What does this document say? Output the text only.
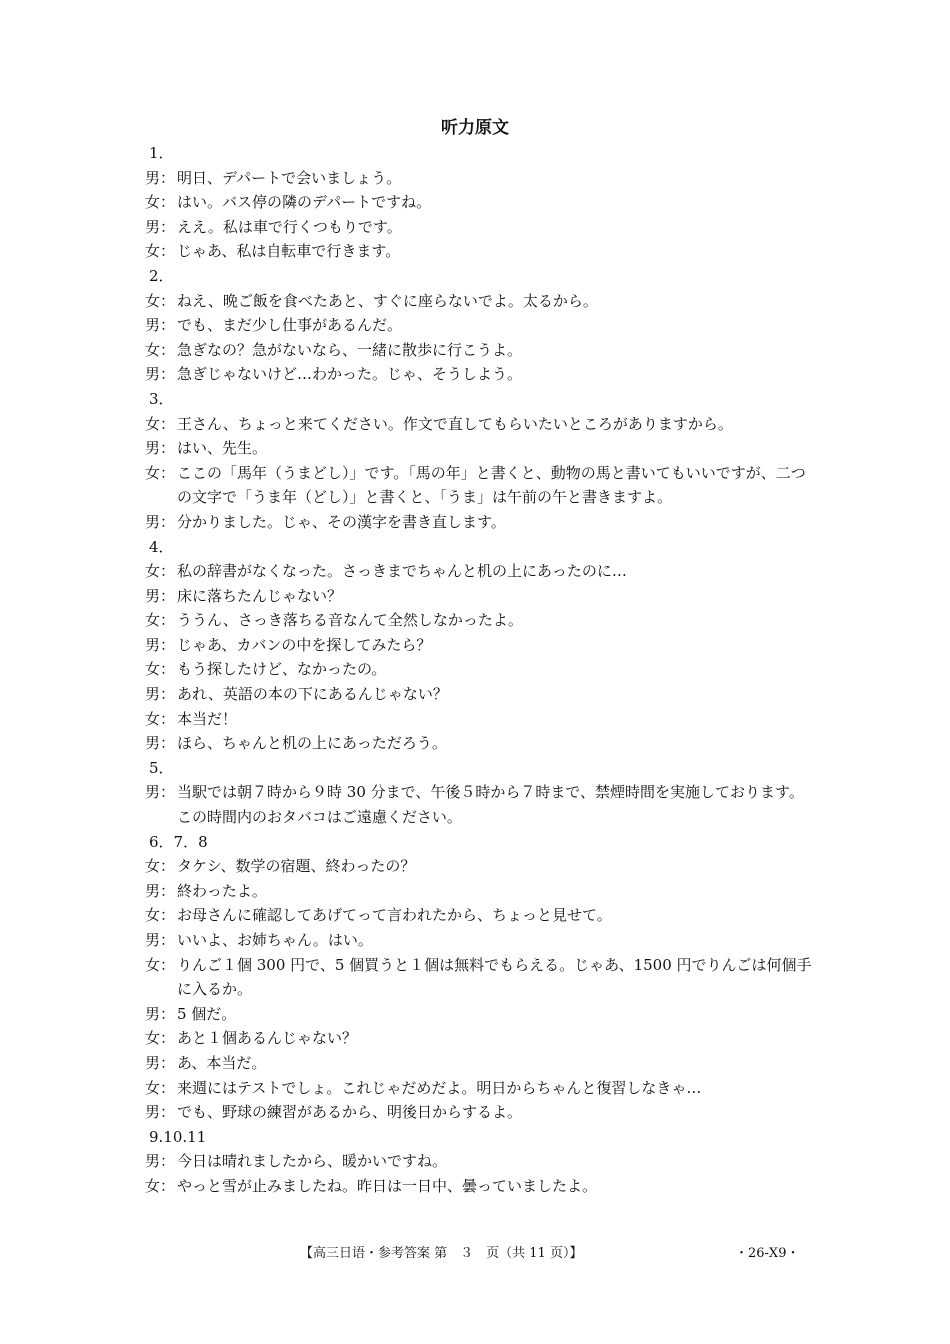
听力原文
1．
男： 明日、デパートで会いましょう。
女： はい。バス停の隣のデパートですね。
男： ええ。私は車で行くつもりです。
女： じゃあ、私は自転車で行きます。
2．
女： ねえ、晩ご飯を食べたあと、すぐに座らないでよ。太るから。
男： でも、まだ少し仕事があるんだ。
女： 急ぎなの？急がないなら、一緒に散歩に行こうよ。
男： 急ぎじゃないけど…わかった。じゃ、そうしよう。
3．
女： 王さん、ちょっと来てください。作文で直してもらいたいところがありますから。
男： はい、先生。
女： ここの「馬年（うまどし）」です。「馬の年」と書くと、動物の馬と書いてもいいですが、二つの文字で「うま年（どし）」と書くと、「うま」は午前の午と書きますよ。
男： 分かりました。じゃ、その漢字を書き直します。
4．
女： 私の辞書がなくなった。さっきまでちゃんと机の上にあったのに…
男： 床に落ちたんじゃない？
女： ううん、さっき落ちる音なんて全然しなかったよ。
男： じゃあ、カバンの中を探してみたら？
女： もう探したけど、なかったの。
男： あれ、英語の本の下にあるんじゃない？
女： 本当だ！
男： ほら、ちゃんと机の上にあっただろう。
5．
男： 当駅では朝７時から９時 30 分まで、午後５時から７時まで、禁煙時間を実施しております。この時間内のおタバコはご遠慮ください。
6．7．8
女： タケシ、数学の宿題、終わったの？
男： 終わったよ。
女： お母さんに確認してあげてって言われたから、ちょっと見せて。
男： いいよ、お姉ちゃん。はい。
女： りんご１個 300 円で、5 個買うと１個は無料でもらえる。じゃあ、1500 円でりんごは何個手に入るか。
男： 5 個だ。
女： あと１個あるんじゃない？
男： あ、本当だ。
女： 来週にはテストでしょ。これじゃだめだよ。明日からちゃんと復習しなきゃ…
男： でも、野球の練習があるから、明後日からするよ。
9.10.11
男： 今日は晴れましたから、暖かいですね。
女： やっと雪が止みましたね。昨日は一日中、曇っていましたよ。
【高三日语・参考答案 第　３　页（共 11 页）】	・26-X9・
